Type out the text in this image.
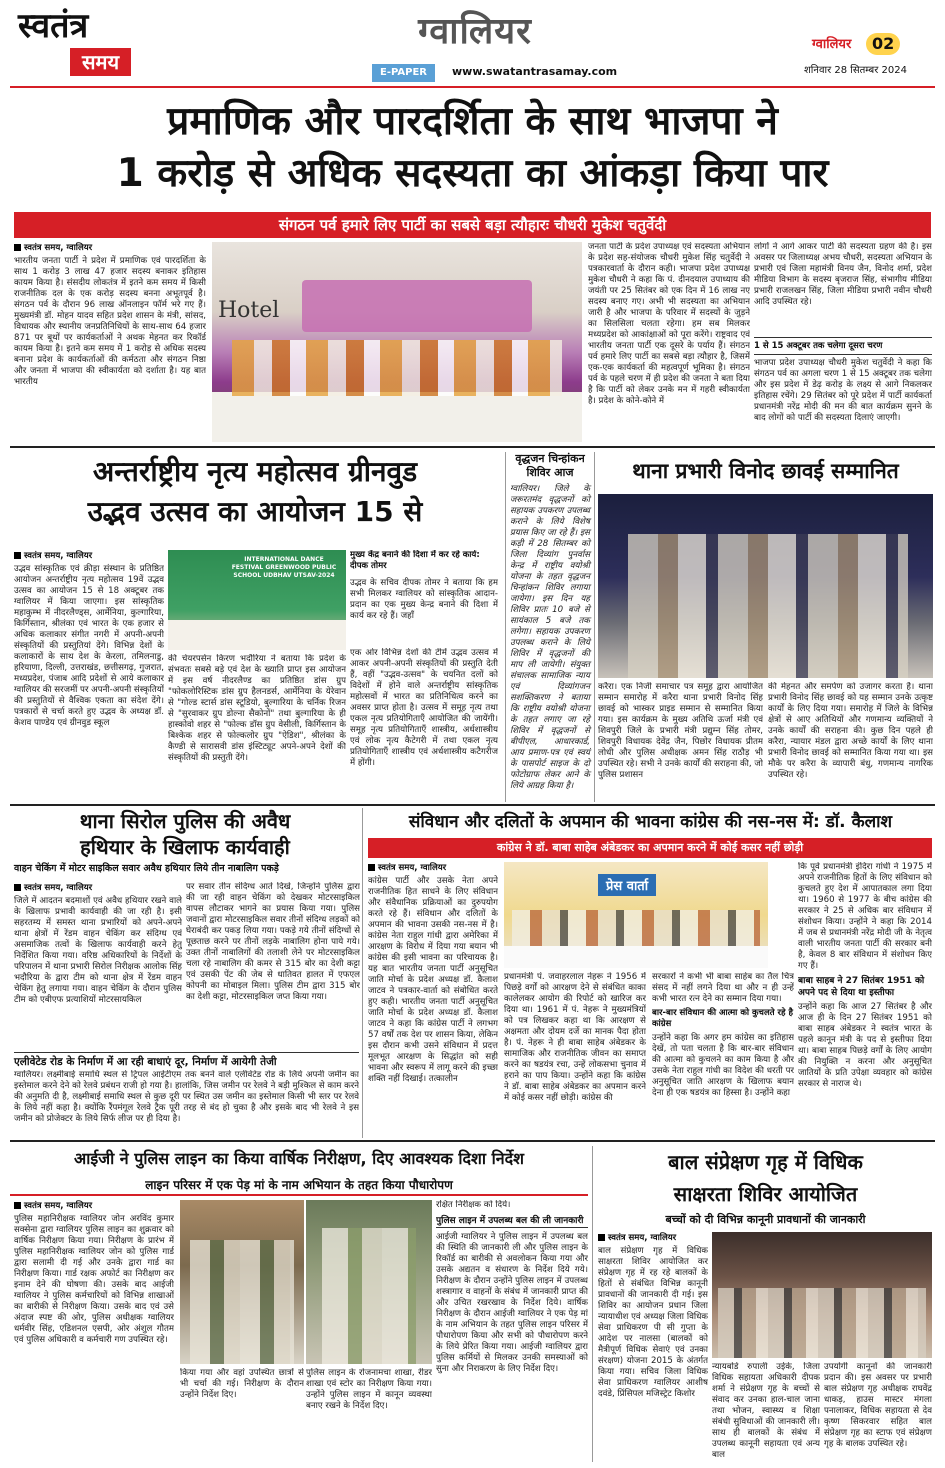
स्वतंत्र
समय
ग्वालियर
E-PAPER	www.swatantrasamay.com
ग्वालियर	02
शनिवार 28 सितम्बर 2024
प्रमाणिक और पारदर्शिता के साथ भाजपा ने
1 करोड़ से अधिक सदस्यता का आंकड़ा किया पार
संगठन पर्व हमारे लिए पार्टी का सबसे बड़ा त्यौहारः चौधरी मुकेश चतुर्वेदी
स्वतंत्र समय, ग्वालियर
भारतीय जनता पार्टी ने प्रदेश में प्रमाणिक एवं पारदर्शिता के साथ 1 करोड़ 3 लाख 47 हजार सदस्य बनाकर इतिहास कायम किया है। संसदीय लोकतंत्र में इतने कम समय में किसी राजनीतिक दल के एक करोड़ सदस्य बनना अभूतपूर्व है। संगठन पर्व के दौरान 96 लाख ऑनलाइन फॉर्म भरे गए हैं। मुख्यमंत्री डॉ. मोहन यादव सहित प्रदेश शासन के मंत्री, सांसद, विधायक और स्थानीय जनप्रतिनिधियों के साथ-साथ 64 हजार 871 पर बूथों पर कार्यकर्ताओं ने अथक मेहनत कर रिकॉर्ड कायम किया है। इतने कम समय में 1 करोड़ से अधिक सदस्य बनाना प्रदेश के कार्यकर्ताओं की कर्मठता और संगठन निष्ठा और जनता में भाजपा की स्वीकार्यता को दर्शाता है। यह बात भारतीय
Hotel
जनता पार्टी के प्रदेश उपाध्यक्ष एवं सदस्यता अभियान के प्रदेश सह-संयोजक चौधरी मुकेश सिंह चतुर्वेदी ने पत्रकारवार्ता के दौरान कही। भाजपा प्रदेश उपाध्यक्ष मुकेश चौधरी ने कहा कि पं. दीनदयाल उपाध्याय की जयंती पर 25 सितंबर को एक दिन में 16 लाख नए सदस्य बनाए गए। अभी भी सदस्यता का अभियान जारी है और भाजपा के परिवार में सदस्यों के जुड़ने का सिलसिला चलता रहेगा। हम सब मिलकर मध्यप्रदेश को आकांक्षाओं को पूरा करेंगे। राष्ट्रवाद एवं भारतीय जनता पार्टी एक दूसरे के पर्याय हैं। संगठन पर्व हमारे लिए पार्टी का सबसे बड़ा त्यौहार है, जिसमें एक-एक कार्यकर्ता की महत्वपूर्ण भूमिका है। संगठन पर्व के पहले चरण में ही प्रदेश की जनता ने बता दिया है कि पार्टी को लेकर उनके मन में गहरी स्वीकार्यता है। प्रदेश के कोने-कोने में
लोगों ने आगे आकर पार्टी की सदस्यता ग्रहण की है। इस अवसर पर जिलाध्यक्ष अभय चौधरी, सदस्यता अभियान के प्रभारी एवं जिला महामंत्री विनय जैन, विनोद शर्मा, प्रदेश मीडिया विभाग के सदस्य बृजराज सिंह, संभागीय मीडिया प्रभारी राजलखन सिंह, जिला मीडिया प्रभारी नवीन चौधरी आदि उपस्थित रहे।
1 से 15 अक्टूबर तक चलेगा दूसरा चरण
भाजपा प्रदेश उपाध्यक्ष चौधरी मुकेश चतुर्वेदी ने कहा कि संगठन पर्व का अगला चरण 1 से 15 अक्टूबर तक चलेगा और इस प्रदेश में डेढ़ करोड़ के लक्ष्य से आगे निकलकर इतिहास रचेंगे। 29 सितंबर को पूरे प्रदेश में पार्टी कार्यकर्ता प्रधानमंत्री नरेंद्र मोदी की मन की बात कार्यक्रम सुनने के बाद लोगों को पार्टी की सदस्यता दिलाएं जाएगी।
अन्तर्राष्ट्रीय नृत्य महोत्सव ग्रीनवुड
उद्भव उत्सव का आयोजन 15 से
स्वतंत्र समय, ग्वालियर
उद्भव सांस्कृतिक एवं क्रीड़ा संस्थान के प्रतिष्ठित आयोजन अन्तर्राष्ट्रीय नृत्य महोत्सव 19वें उद्भव उत्सव का आयोजन 15 से 18 अक्टूबर तक ग्वालियर में किया जाएगा। इस सांस्कृतिक महाकुम्भ में नीदरलैण्ड्स, आर्मेनिया, कुल्गारिया, किर्गिस्तान, श्रीलंका एवं भारत के एक हजार से अधिक कलाकार संगीत नगरी में अपनी-अपनी संस्कृतियों की प्रस्तुतियां देंगे। विभिन्न देशों के कलाकारों के साथ देश के केरला, तमिलनाडु, हरियाणा, दिल्ली, उत्तराखंड, छत्तीसगढ़, गुजरात, मध्यप्रदेश, पंजाब आदि प्रदेशों से आये कलाकार ग्वालियर की सरजमीं पर अपनी-अपनी संस्कृतियों की प्रस्तुतियों से वैश्विक एकता का संदेश देंगे। पत्रकारों से चर्चा करते हुए उद्भव के अध्यक्ष डॉ. केशव पाण्डेय एवं ग्रीनवुड स्कूल
INTERNATIONAL DANCE FESTIVAL GREENWOOD PUBLIC SCHOOL UDBHAV UTSAV-2024
की चेयरपर्सन किरण भदौरिया ने बताया कि प्रदेश के संभवतः सबसे बड़े एवं देश के ख्याति प्राप्त इस आयोजन में इस वर्ष नीदरलैण्ड का प्रतिष्ठित डांस ग्रुप "फोकलोरिस्टिक डांस ग्रुप हैलनडर्स, आर्मेनिया के येरेवान से "गोल्ड स्टार्स डांस स्टूडियो, बुल्गारिया के चर्निक रिजन से "सुरवाकर ग्रुप डोल्ना सैकोनों" तथा बुल्गारिया के ही हास्कोवो शहर से "फोल्क डॉस ग्रुप वेसीली, किर्गिस्तान के बिश्केक शहर से फोल्कलोर ग्रुप "ऐडिश", श्रीलंका के कैण्डी से सारासवी डांस इंस्टिट्यूट अपने-अपने देशों की संस्कृतियों की प्रस्तुती देंगे।
मुख्य केंद्र बनाने की दिशा में कर रहे कार्य: दीपक तोमर
उद्भव के सचिव दीपक तोमर ने बताया कि हम सभी मिलकर ग्वालियर को सांस्कृतिक आदान-प्रदान का एक मुख्य केन्द्र बनाने की दिशा में कार्य कर रहे हैं। जहाँ
एक ओर विभिन्न देशों की टीमें उद्भव उत्सव में आकर अपनी-अपनी संस्कृतियों की प्रस्तुति देती हैं, वहीं "उद्भव-उत्सव" के चयनित दलों को विदेशों में होने वाले अन्तर्राष्ट्रीय सांस्कृतिक महोत्सवों में भारत का प्रतिनिधित्व करने का अवसर प्राप्त होता है। उत्सव में समूह नृत्य तथा एकल नृत्य प्रतियोगिताएँ आयोजित की जायेंगी। समूह नृत्य प्रतियोगिताएँ शास्त्रीय, अर्धशास्त्रीय एवं लोक नृत्य कैटेगरी में तथा एकल नृत्य प्रतियोगिताएँ शास्त्रीय एवं अर्धशास्त्रीय कटैगरीज में होंगी।
वृद्धजन चिन्हांकन शिविर आज
ग्वालियर। जिले के जरूरतमंद वृद्धजनों को सहायक उपकरण उपलब्ध कराने के लिये विशेष प्रयास किए जा रहे हैं। इस कड़ी में 28 सितम्बर को जिला दिव्यांग पुनर्वास केन्द्र में राष्ट्रीय वयोश्री योजना के तहत वृद्धजन चिन्हांकन शिविर लगाया जायेगा। इस दिन यह शिविर प्रातः 10 बजे से सायंकाल 5 बजे तक लगेगा। सहायक उपकरण उपलब्ध कराने के लिये शिविर में वृद्धजनों की माप ली जायेगी। संयुक्त संचालक सामाजिक न्याय एवं दिव्यांगजन सशक्तिकरण ने बताया कि राष्ट्रीय वयोश्री योजना के तहत लगाए जा रहे शिविर में वृद्धजनों से बीपीएल, आधारकार्ड, आय प्रमाण-पत्र एवं स्वयं के पासपोर्ट साइज के दो फोटोग्राफ लेकर आने के लिये आग्रह किया है।
थाना प्रभारी विनोद छावई सम्मानित
करैरा। एक निजी समाचार पत्र समूह द्वारा आयोजित सम्मान समारोह में करैरा थाना प्रभारी विनोद सिंह छावई को भास्कर प्राइड सम्मान से सम्मानित किया गया। इस कार्यक्रम के मुख्य अतिथि ऊर्जा मंत्री एवं शिवपुरी जिले के प्रभारी मंत्री प्रद्युम्न सिंह तोमर, शिवपुरी विधायक देवेंद्र जैन, पिछोर विधायक प्रीतम लोधी और पुलिस अधीक्षक अमन सिंह राठौड़ भी उपस्थित रहे। सभी ने उनके कार्यों की सराहना की, जो पुलिस प्रशासन
की मेहनत और समर्पण को उजागर करता है। थाना प्रभारी विनोद सिंह छावई को यह सम्मान उनके उत्कृष्ट कार्यों के लिए दिया गया। समारोह में जिले के विभिन्न क्षेत्रों से आए अतिथियों और गणमान्य व्यक्तियों ने उनके कार्यों की सराहना की। कुछ दिन पहले ही करैरा, न्यायार मंडल द्वारा अच्छे कार्यों के लिए थाना प्रभारी विनोद छावई को सम्मानित किया गया था। इस मौके पर करैरा के व्यापारी बंधु, गणमान्य नागरिक उपस्थित रहे।
थाना सिरोल पुलिस की अवैध
हथियार के खिलाफ कार्यवाही
वाहन चेकिंग में मोटर साइकिल सवार अवैध हथियार लिये तीन नाबालिग पकड़े
स्वतंत्र समय, ग्वालियर
जिले में आदतन बदमाशों एवं अवैध हथियार रखने वाले के खिलाफ प्रभावी कार्यवाही की जा रही है। इसी सहरतम्य में समस्त थाना प्रभारियों को अपने-अपने थाना क्षेत्रों में रेंडम वाहन चेकिंग कर संदिग्ध एवं असमाजिक तत्वों के खिलाफ कार्यवाही करने हेतु निर्देशित किया गया। वरिष्ठ अधिकारियों के निर्देशों के परिपालन में थाना प्रभारी सिरोल निरीक्षक आलोक सिंह भदौरिया के द्वारा टीम को थाना क्षेत्र में रेंडम वाहन चेकिंग हेतु लगाया गया। वाहन चेकिंग के दौरान पुलिस टीम को एबीएफ प्रत्याशियों मोटरसायकिल
पर सवार तीन संदिग्ध आते दिखे, जिन्होंने पुलिस द्वारा की जा रही वाहन चेकिंग को देखकर मोटरसाइकिल वापस लौटाकर भागने का प्रयास किया गया। पुलिस जवानों द्वारा मोटरसाइकिल सवार तीनों संदिग्ध लड़कों को घेराबंदी कर पकड़ लिया गया। पकड़े गये तीनों संदिग्धों से पूछताछ करने पर तीनों लड़के नाबालिग होना पाये गये। उक्त तीनों नाबालिगों की तलाशी लेने पर मोटरसाइकिल चला रहे नाबालिग की कमर से 315 बोर का देशी कट्टा एवं उसकी पेंट की जेब से धातिवत हालत में एफएल कोपनी का मोबाइल मिला। पुलिस टीम द्वारा 315 बोर का देशी कट्टा, मोटरसाइकिल जप्त किया गया।
एलीवेटेड रोड के निर्माण में आ रही बाधाएं दूर, निर्माण में आयेगी तेजी
ग्वालियर। लक्ष्मीबाई समाधि स्थल से ट्रिपल आईटीएम तक बनने वाले एलीवेटेड रोड के लिये अपनी जमीन का इस्तेमाल करने देने को रेलवे प्रबंधन राजी हो गया है। हालांकि, जिस जमीन पर रेलवे ने बड़ी मुश्किल से काम करने की अनुमति दी है, लक्ष्मीबाई समाधि स्थल से कुछ दूरी पर स्थित उस जमीन का इस्तेमाल किसी भी स्तर पर रेलवे के लिये नहीं कहा है। क्योंकि रैंपमंगूल रेलवे ट्रैक पूरी तरह से बंद हो चुका है और इसके बाद भी रेलवे ने इस जमीन को प्रोजेक्टर के लिये सिर्फ लीज पर ही दिया है।
संविधान और दलितों के अपमान की भावना कांग्रेस की नस-नस में: डॉ. कैलाश
कांग्रेस ने डॉ. बाबा साहेब अंबेडकर का अपमान करने में कोई कसर नहीं छोड़ी
स्वतंत्र समय, ग्वालियर
कांग्रेस पार्टी और उसके नेता अपने राजनीतिक हित साधने के लिए संविधान और संवैधानिक प्रक्रियाओं का दुरुपयोग करते रहे हैं। संविधान और दलितों के अपमान की भावना उसकी नस-नस में है। कांग्रेस नेता राहुल गांधी द्वारा अमेरिका में आरक्षण के विरोध में दिया गया बयान भी कांग्रेस की इसी भावना का परिचायक है। यह बात भारतीय जनता पार्टी अनुसूचित जाति मोर्चा के प्रदेश अध्यक्ष डॉ. कैलाश जाटव ने पत्रकार-वार्ता को संबोधित करते हुए कही। भारतीय जनता पार्टी अनुसूचित जाति मोर्चा के प्रदेश अध्यक्ष डॉ. कैलाश जाटव ने कहा कि कांग्रेस पार्टी ने लगभग 57 वर्षों तक देश पर शासन किया, लेकिन इस दौरान कभी उसने संविधान में प्रदत्त मूलभूत आरक्षण के सिद्धांत को सही भावना और स्वरूप में लागू करने की इच्छा शक्ति नहीं दिखाई। तत्कालीन
प्रेस वार्ता
प्रधानमंत्री पं. जवाहरलाल नेहरू ने 1956 में पिछड़े वर्गों को आरक्षण देने से संबंधित काका कालेलकर आयोग की रिपोर्ट को खारिज कर दिया था। 1961 में पं. नेहरू ने मुख्यमंत्रियों को पत्र लिखकर कहा था कि आरक्षण से अक्षमता और दोयम दर्जे का मानक पैदा होता है। पं. नेहरू ने ही बाबा साहेब अंबेडकर के सामाजिक और राजनीतिक जीवन का समाप्त करने का षडयंत्र रचा, उन्हें लोकसभा चुनाव में हराने का पाप किया। उन्होंने कहा कि कांग्रेस ने डॉ. बाबा साहेब अंबेडकर का अपमान करने में कोई कसर नहीं छोड़ी। कांग्रेस की
सरकारों ने कभी भी बाबा साहेब का तैल चित्र संसद में नहीं लगने दिया था और न ही उन्हें कभी भारत रत्न देने का सम्मान दिया गया।
बार-बार संविधान की आत्मा को कुचलते रहे है कांग्रेस
उन्होंने कहा कि अगर हम कांग्रेस का इतिहास देखें, तो पता चलता है कि बार-बार संविधान की आत्मा को कुचलने का काम किया है और उसके नेता राहुल गांधी का विदेश की धरती पर अनुसूचित जाति आरक्षण के खिलाफ बयान देना ही एक षडयंत्र का हिस्सा है। उन्होंने कहा
कि पूर्व प्रधानमंत्री इंदिरा गांधी ने 1975 में अपने राजनीतिक हितों के लिए संविधान को कुचलते हुए देश में आपातकाल लगा दिया था। 1960 से 1977 के बीच कांग्रेस की सरकार ने 25 से अधिक बार संविधान में संशोधन किया। उन्होंने ने कहा कि 2014 में जब से प्रधानमंत्री नरेंद्र मोदी जी के नेतृत्व वाली भारतीय जनता पार्टी की सरकार बनी है, केवल 8 बार संविधान में संशोधन किए गए हैं।
बाबा साहब ने 27 सितंबर 1951 को अपने पद से दिया था इस्तीफा
उन्होंने कहा कि आज 27 सितंबर है और आज ही के दिन 27 सितंबर 1951 को बाबा साहब अंबेडकर ने स्वतंत्र भारत के पहले कानून मंत्री के पद से इस्तीफा दिया था। बाबा साहब पिछड़े वर्गों के लिए आयोग की नियुक्ति न करना और अनुसूचित जातियों के प्रति उपेक्षा व्यवहार को कांग्रेस सरकार से नाराज थे।
आईजी ने पुलिस लाइन का किया वार्षिक निरीक्षण, दिए आवश्यक दिशा निर्देश
लाइन परिसर में एक पेड़ मां के नाम अभियान के तहत किया पौधारोपण
स्वतंत्र समय, ग्वालियर
पुलिस महानिरीक्षक ग्वालियर जोन अरविंद कुमार सक्सेना द्वारा ग्वालियर पुलिस लाइन का शुक्रवार को वार्षिक निरीक्षण किया गया। निरीक्षण के प्रारंभ में पुलिस महानिरीक्षक ग्वालियर जोन को पुलिस गार्ड द्वारा सलामी दी गई और उनके द्वारा गार्ड का निरीक्षण किया। गार्ड रक्षक अफोर्ट का निरीक्षण कर इनाम देने की घोषणा की। उसके बाद आईजी ग्वालियर ने पुलिस कर्मचारियों को विभिन्न शाखाओं का बारीकी से निरीक्षण किया। उसके बाद एवं उसे अंदाज स्पष्ट की ओर, पुलिस अधीक्षक ग्वालियर धर्मवीर सिंह, एडिशनल एसपी, ओर अंशुल गौतम एवं पुलिस अधिकारी व कर्मचारी गण उपस्थित रहे।
किया गया और वहां उपस्थित छात्रों से भी चर्चा की गई। निरीक्षण के दौरान उन्होंने निर्देश दिए।
पुलिस लाइन के रोजनामचा शाखा, रीडर शाखा एवं स्टोर का निरीक्षण किया गया। उन्होंने पुलिस लाइन में कानून व्यवस्था बनाए रखने के निर्देश दिए।
रक्षित निरीक्षक को दिये।
पुलिस लाइन में उपलब्ध बल की ली जानकारी
आईजी ग्वालियर ने पुलिस लाइन में उपलब्ध बल की स्थिति की जानकारी ली और पुलिस लाइन के रिकॉर्ड का बारीकी से अवलोकन किया गया और उसके अद्यतन व संधारण के निर्देश दिये गये। निरीक्षण के दौरान उन्होंने पुलिस लाइन में उपलब्ध शस्त्रागार व वाहनों के संबंध में जानकारी प्राप्त की और उचित रखरखाव के निर्देश दिये। वार्षिक निरीक्षण के दौरान आईजी ग्वालियर ने एक पेड़ मां के नाम अभियान के तहत पुलिस लाइन परिसर में पौधारोपण किया और सभी को पौधारोपण करने के लिये प्रेरित किया गया। आईजी ग्वालियर द्वारा पुलिस कर्मियों से मिलकर उनकी समस्याओं को सुना और निराकरण के लिए निर्देश दिए।
बाल संप्रेक्षण गृह में विधिक
साक्षरता शिविर आयोजित
बच्चों को दी विभिन्न कानूनी प्रावधानों की जानकारी
स्वतंत्र समय, ग्वालियर
बाल संप्रेक्षण गृह में विधिक साक्षरता शिविर आयोजित कर संप्रेक्षण गृह में रह रहे बालकों के हितों से संबंधित विभिन्न कानूनी प्रावधानों की जानकारी दी गई। इस शिविर का आयोजन प्रधान जिला न्यायाधीश एवं अध्यक्ष जिला विधिक सेवा प्राधिकरण पी सी गुप्ता के आदेश पर नालसा (बालकों को मैत्रीपूर्ण विधिक सेवाएं एवं उनका संरक्षण) योजना 2015 के अंतर्गत किया गया। सचिव जिला विधिक सेवा प्राधिकरण ग्वालियर आशीष दवंडे, प्रिंसिपल मजिस्ट्रेट किशोर
न्यायबोर्ड रुपाली उईके, जिला विधिक सहायता अधिकारी दीपक शर्मा ने संप्रेक्षण गृह के बच्चों से संवाद कर उनका हाल-चाल जाना तथा भोजन, स्वास्थ्य व शिक्षा संबंधी सुविधाओं की जानकारी ली। साथ ही बालकों के संबंध में उपलब्ध कानूनी सहायता एवं अन्य बाल
उपयोगी कानूनों की जानकारी प्रदान की। इस अवसर पर प्रभारी बाल संप्रेक्षण गृह अधीक्षक राघवेंद्र धाकड़, हाउस मास्टर मंगला पनालाकर, विधिक सहायता से देव कृष्ण सिकरवार सहित बाल संप्रेक्षण गृह का स्टाफ एवं संप्रेक्षण गृह के बालक उपस्थित रहे।
